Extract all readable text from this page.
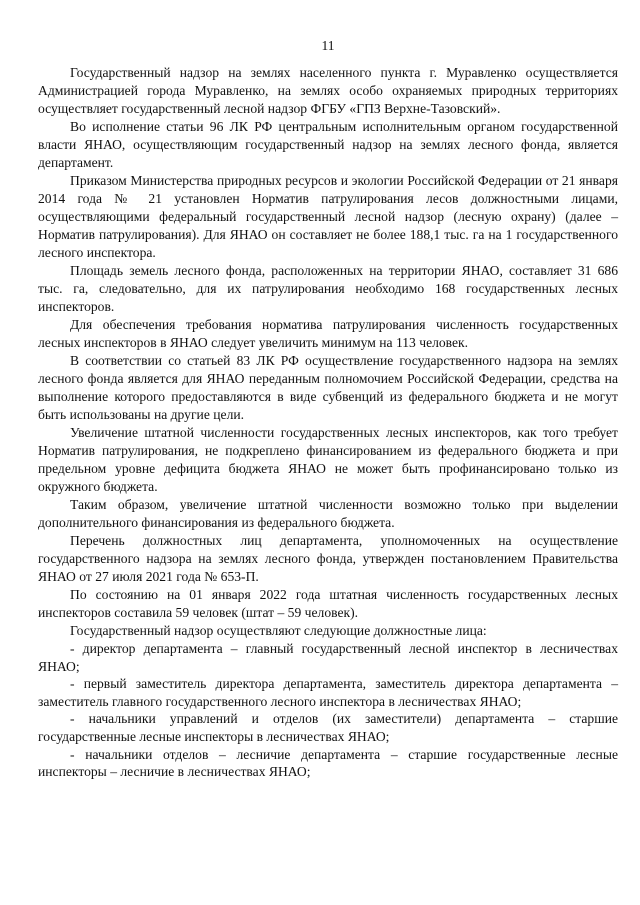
11

Государственный надзор на землях населенного пункта г. Муравленко осуществляется Администрацией города Муравленко, на землях особо охраняемых природных территориях осуществляет государственный лесной надзор ФГБУ «ГПЗ Верхне-Тазовский».

Во исполнение статьи 96 ЛК РФ центральным исполнительным органом государственной власти ЯНАО, осуществляющим государственный надзор на землях лесного фонда, является департамент.

Приказом Министерства природных ресурсов и экологии Российской Федерации от 21 января 2014 года № 21 установлен Норматив патрулирования лесов должностными лицами, осуществляющими федеральный государственный лесной надзор (лесную охрану) (далее – Норматив патрулирования). Для ЯНАО он составляет не более 188,1 тыс. га на 1 государственного лесного инспектора.

Площадь земель лесного фонда, расположенных на территории ЯНАО, составляет 31 686 тыс. га, следовательно, для их патрулирования необходимо 168 государственных лесных инспекторов.

Для обеспечения требования норматива патрулирования численность государственных лесных инспекторов в ЯНАО следует увеличить минимум на 113 человек.

В соответствии со статьей 83 ЛК РФ осуществление государственного надзора на землях лесного фонда является для ЯНАО переданным полномочием Российской Федерации, средства на выполнение которого предоставляются в виде субвенций из федерального бюджета и не могут быть использованы на другие цели.

Увеличение штатной численности государственных лесных инспекторов, как того требует Норматив патрулирования, не подкреплено финансированием из федерального бюджета и при предельном уровне дефицита бюджета ЯНАО не может быть профинансировано только из окружного бюджета.

Таким образом, увеличение штатной численности возможно только при выделении дополнительного финансирования из федерального бюджета.

Перечень должностных лиц департамента, уполномоченных на осуществление государственного надзора на землях лесного фонда, утвержден постановлением Правительства ЯНАО от 27 июля 2021 года № 653-П.

По состоянию на 01 января 2022 года штатная численность государственных лесных инспекторов составила 59 человек (штат – 59 человек).

Государственный надзор осуществляют следующие должностные лица:

- директор департамента – главный государственный лесной инспектор в лесничествах ЯНАО;

- первый заместитель директора департамента, заместитель директора департамента – заместитель главного государственного лесного инспектора в лесничествах ЯНАО;

- начальники управлений и отделов (их заместители) департамента – старшие государственные лесные инспекторы в лесничествах ЯНАО;

- начальники отделов – лесничие департамента – старшие государственные лесные инспекторы – лесничие в лесничествах ЯНАО;
